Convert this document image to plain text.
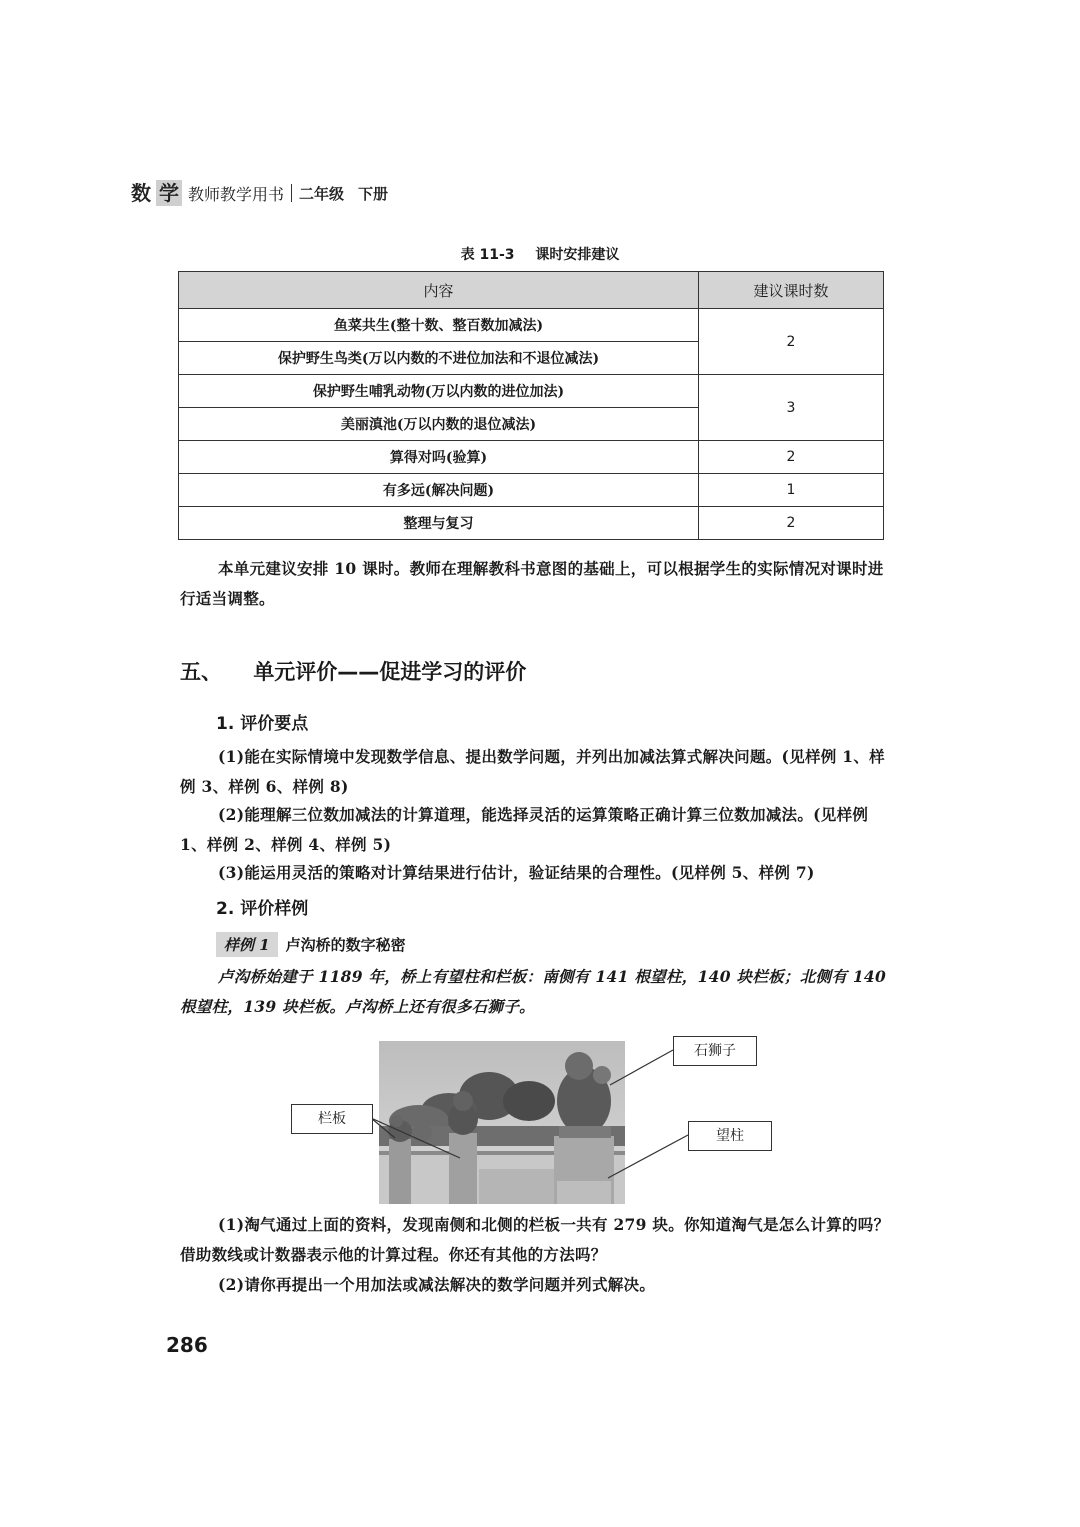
数 学 教师教学用书 二年级 下册
表 11-3 课时安排建议
内容	建议课时数
鱼菜共生(整十数、整百数加减法)	2
保护野生鸟类(万以内数的不进位加法和不退位减法)	
保护野生哺乳动物(万以内数的进位加法)	3
美丽滇池(万以内数的退位减法)	
算得对吗(验算)	2
有多远(解决问题)	1
整理与复习	2
本单元建议安排 10 课时。教师在理解教科书意图的基础上，可以根据学生的实际情况对课时进行适当调整。
五、 单元评价——促进学习的评价
1. 评价要点
(1)能在实际情境中发现数学信息、提出数学问题，并列出加减法算式解决问题。(见样例 1、样例 3、样例 6、样例 8)
(2)能理解三位数加减法的计算道理，能选择灵活的运算策略正确计算三位数加减法。(见样例 1、样例 2、样例 4、样例 5)
(3)能运用灵活的策略对计算结果进行估计，验证结果的合理性。(见样例 5、样例 7)
2. 评价样例
样例 1	卢沟桥的数字秘密
卢沟桥始建于 1189 年，桥上有望柱和栏板：南侧有 141 根望柱，140 块栏板；北侧有 140 根望柱，139 块栏板。卢沟桥上还有很多石狮子。
石狮子
栏板
望柱
(1)淘气通过上面的资料，发现南侧和北侧的栏板一共有 279 块。你知道淘气是怎么计算的吗？借助数线或计数器表示他的计算过程。你还有其他的方法吗？
(2)请你再提出一个用加法或减法解决的数学问题并列式解决。
286
